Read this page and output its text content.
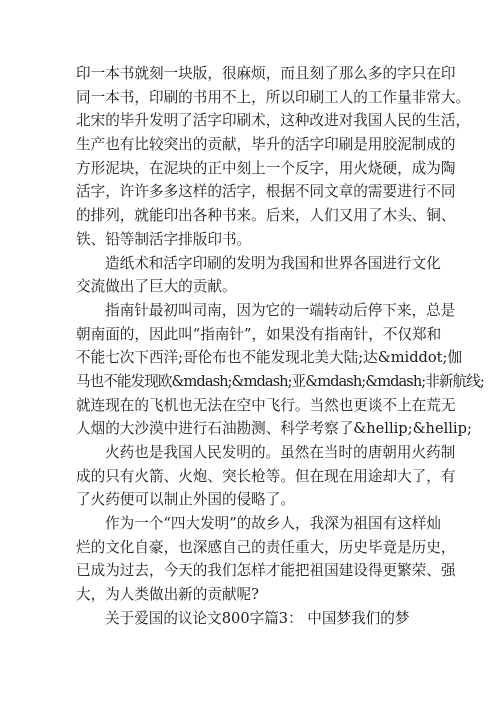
印一本书就刻一块版，很麻烦，而且刻了那么多的字只在印
同一本书，印刷的书用不上，所以印刷工人的工作量非常大。
北宋的毕升发明了活字印刷术，这种改进对我国人民的生活，
生产也有比较突出的贡献，毕升的活字印刷是用胶泥制成的
方形泥块，在泥块的正中刻上一个反字，用火烧硬，成为陶
活字，许许多多这样的活字，根据不同文章的需要进行不同
的排列，就能印出各种书来。后来，人们又用了木头、铜、
铁、铅等制活字排版印书。
造纸术和活字印刷的发明为我国和世界各国进行文化
交流做出了巨大的贡献。
指南针最初叫司南，因为它的一端转动后停下来，总是
朝南面的，因此叫“指南针”，如果没有指南针，不仅郑和
不能七次下西洋;哥伦布也不能发现北美大陆;达&middot;伽
马也不能发现欧&mdash;&mdash;亚&mdash;&mdash;非新航线;
就连现在的飞机也无法在空中飞行。当然也更谈不上在荒无
人烟的大沙漠中进行石油勘测、科学考察了&hellip;&hellip;
火药也是我国人民发明的。虽然在当时的唐朝用火药制
成的只有火箭、火炮、突长枪等。但在现在用途却大了，有
了火药便可以制止外国的侵略了。
作为一个“四大发明”的故乡人，我深为祖国有这样灿
烂的文化自豪，也深感自己的责任重大，历史毕竟是历史，
已成为过去，今天的我们怎样才能把祖国建设得更繁荣、强
大，为人类做出新的贡献呢?
关于爱国的议论文800字篇3： 中国梦我们的梦
